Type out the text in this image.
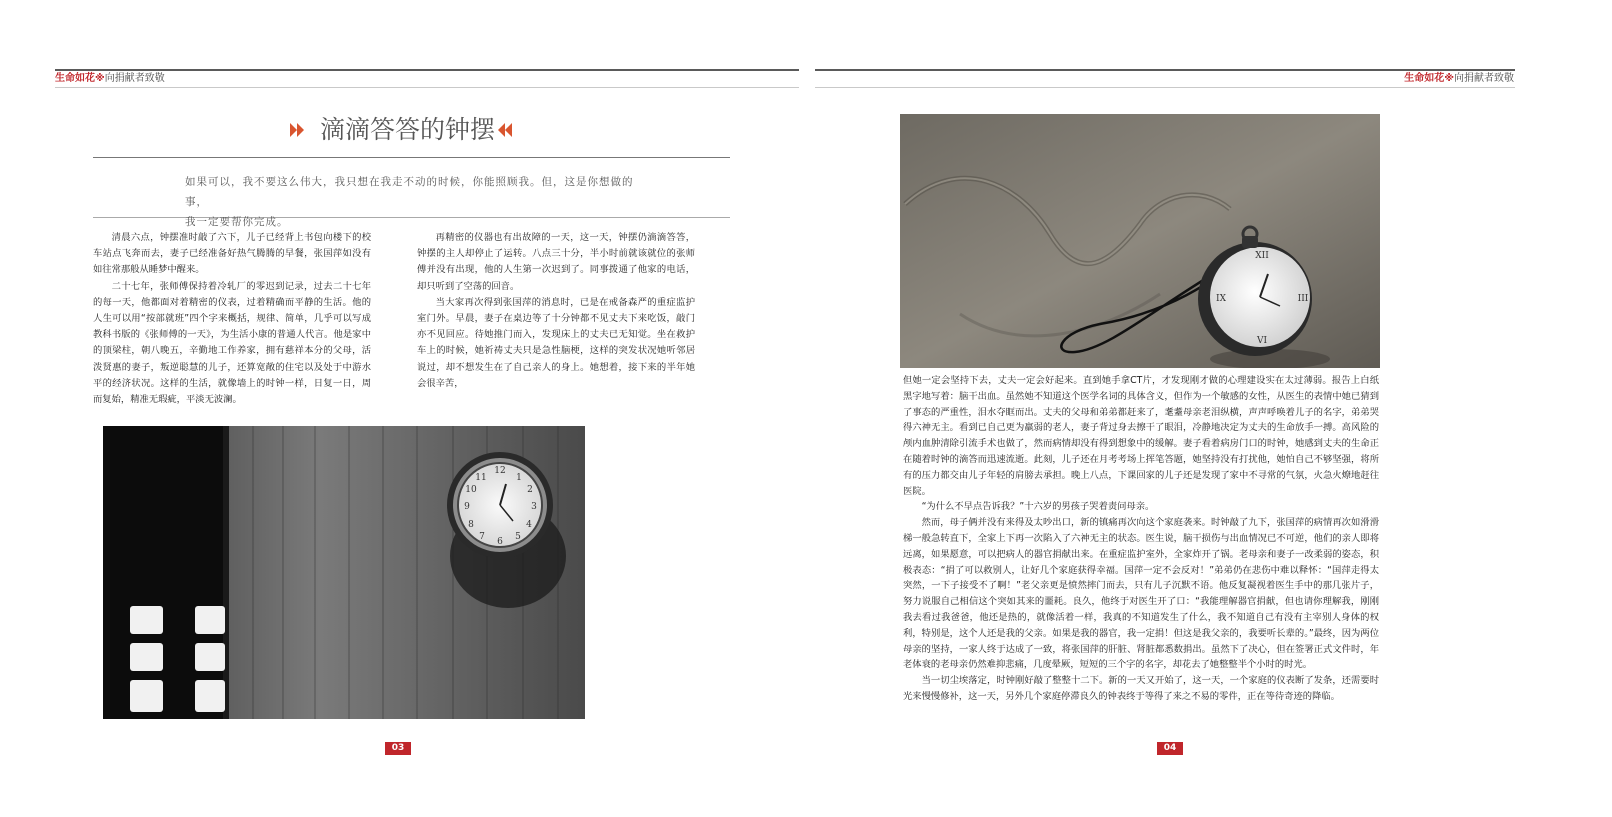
生命如花※向捐献者致敬	生命如花※向捐献者致敬
滴滴答答的钟摆

如果可以，我不要这么伟大，我只想在我走不动的时候，你能照顾我。但，这是你想做的事，

我一定要帮你完成。

清晨六点，钟摆准时敲了六下，儿子已经背上书包向楼下的校车站点飞奔而去，妻子已经准备好热气腾腾的早餐，张国萍如没有如往常那般从睡梦中醒来。

二十七年，张师傅保持着冷轧厂的零迟到记录，过去二十七年的每一天，他都面对着精密的仪表，过着精确而平静的生活。他的人生可以用“按部就班”四个字来概括，规律、简单，几乎可以写成教科书版的《张师傅的一天》，为生活小康的普通人代言。他是家中的顶梁柱，朝八晚五，辛勤地工作养家，拥有慈祥本分的父母，活泼贤惠的妻子，叛逆聪慧的儿子，还算宽敞的住宅以及处于中游水平的经济状况。这样的生活，就像墙上的时钟一样，日复一日，周而复始，精准无瑕疵，平淡无波澜。

再精密的仪器也有出故障的一天，这一天，钟摆仍滴滴答答，钟摆的主人却停止了运转。八点三十分，半小时前就该就位的张师傅并没有出现，他的人生第一次迟到了。同事拨通了他家的电话，却只听到了空荡的回音。

当大家再次得到张国萍的消息时，已是在戒备森严的重症监护室门外。早晨，妻子在桌边等了十分钟都不见丈夫下来吃饭，敲门亦不见回应。待她推门而入，发现床上的丈夫已无知觉。坐在救护车上的时候，她祈祷丈夫只是急性脑梗，这样的突发状况她听邻居说过，却不想发生在了自己亲人的身上。她想着，接下来的半年她会很辛苦，

12
3
6
9
1
2
4
5
7
8
10
11
XII
III
VI
IX

但她一定会坚持下去，丈夫一定会好起来。直到她手拿CT片，才发现刚才做的心理建设实在太过薄弱。报告上白纸黑字地写着：脑干出血。虽然她不知道这个医学名词的具体含义，但作为一个敏感的女性，从医生的表情中她已猜到了事态的严重性，泪水夺眶而出。丈夫的父母和弟弟都赶来了，耄耋母亲老泪纵横，声声呼唤着儿子的名字，弟弟哭得六神无主。看到已自己更为羸弱的老人，妻子背过身去擦干了眼泪，冷静地决定为丈夫的生命放手一搏。高风险的颅内血肿清除引流手术也做了，然而病情却没有得到想象中的缓解。妻子看着病房门口的时钟，她感到丈夫的生命正在随着时钟的滴答而迅速流逝。此刻，儿子还在月考考场上挥笔答题，她坚持没有打扰他，她怕自己不够坚强，将所有的压力都交由儿子年轻的肩膀去承担。晚上八点，下课回家的儿子还是发现了家中不寻常的气氛，火急火燎地赶往医院。

“为什么不早点告诉我？”十六岁的男孩子哭着责问母亲。

然而，母子俩并没有来得及太吵出口，新的镇痛再次向这个家庭袭来。时钟敲了九下，张国萍的病情再次如滑滑梯一般急转直下，全家上下再一次陷入了六神无主的状态。医生说，脑干损伤与出血情况已不可逆，他们的亲人即将远离，如果愿意，可以把病人的器官捐献出来。在重症监护室外，全家炸开了锅。老母亲和妻子一改柔弱的姿态，积极表态：“捐了可以救别人，让好几个家庭获得幸福。国萍一定不会反对！”弟弟仍在悲伤中难以释怀：“国萍走得太突然，一下子接受不了啊！”老父亲更是愤然摔门而去，只有儿子沉默不语。他反复凝视着医生手中的那几张片子，努力说服自己相信这个突如其来的噩耗。良久，他终于对医生开了口：“我能理解器官捐献，但也请你理解我，刚刚我去看过我爸爸，他还是热的，就像活着一样，我真的不知道发生了什么，我不知道自己有没有主宰别人身体的权利，特别是，这个人还是我的父亲。如果是我的器官，我一定捐！但这是我父亲的，我要听长辈的。”最终，因为两位母亲的坚持，一家人终于达成了一致，将张国萍的肝脏、肾脏都悉数捐出。虽然下了决心，但在签署正式文件时，年老体衰的老母亲仍然难抑悲痛，几度晕厥，短短的三个字的名字，却花去了她整整半个小时的时光。

当一切尘埃落定，时钟刚好敲了整整十二下。新的一天又开始了，这一天，一个家庭的仪表断了发条，还需要时光来慢慢修补，这一天，另外几个家庭停滞良久的钟表终于等得了来之不易的零件，正在等待奇迹的降临。

03	04
